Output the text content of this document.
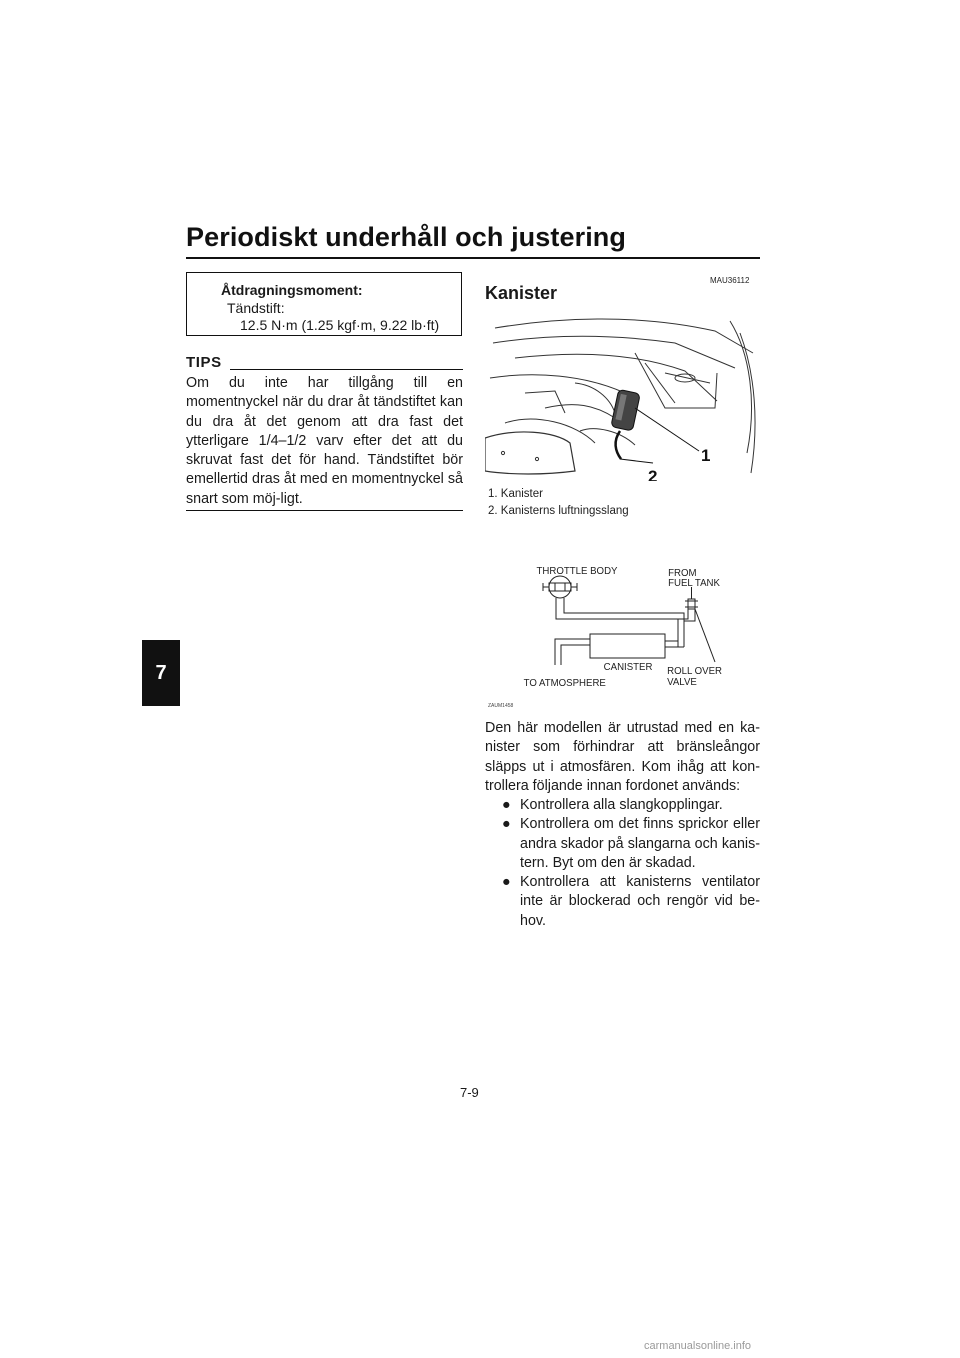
Periodiskt underhåll och justering
7
Åtdragningsmoment:
Tändstift:
12.5 N·m (1.25 kgf·m, 9.22 lb·ft)
TIPS
Om du inte har tillgång till en momentnyckel när du drar åt tändstiftet kan du dra åt det genom att dra fast det ytterligare 1/4–1/2 varv efter det att du skruvat fast det för hand. Tändstiftet bör emellertid dras åt med en momentnyckel så snart som möj-ligt.
MAU36112
Kanister
1
2
1. Kanister
2. Kanisterns luftningsslang
THROTTLE BODY	FROM
FUEL TANK
CANISTER ROLL OVER
VALVE
TO ATMOSPHERE
ZAUM1458
Den här modellen är utrustad med en ka-nister som förhindrar att bränsleångor släpps ut i atmosfären. Kom ihåg att kon-trollera följande innan fordonet används:
● Kontrollera alla slangkopplingar.
● Kontrollera om det finns sprickor eller andra skador på slangarna och kanis-tern. Byt om den är skadad.
● Kontrollera att kanisterns ventilator inte är blockerad och rengör vid be-hov.
7-9
carmanualsonline.info
